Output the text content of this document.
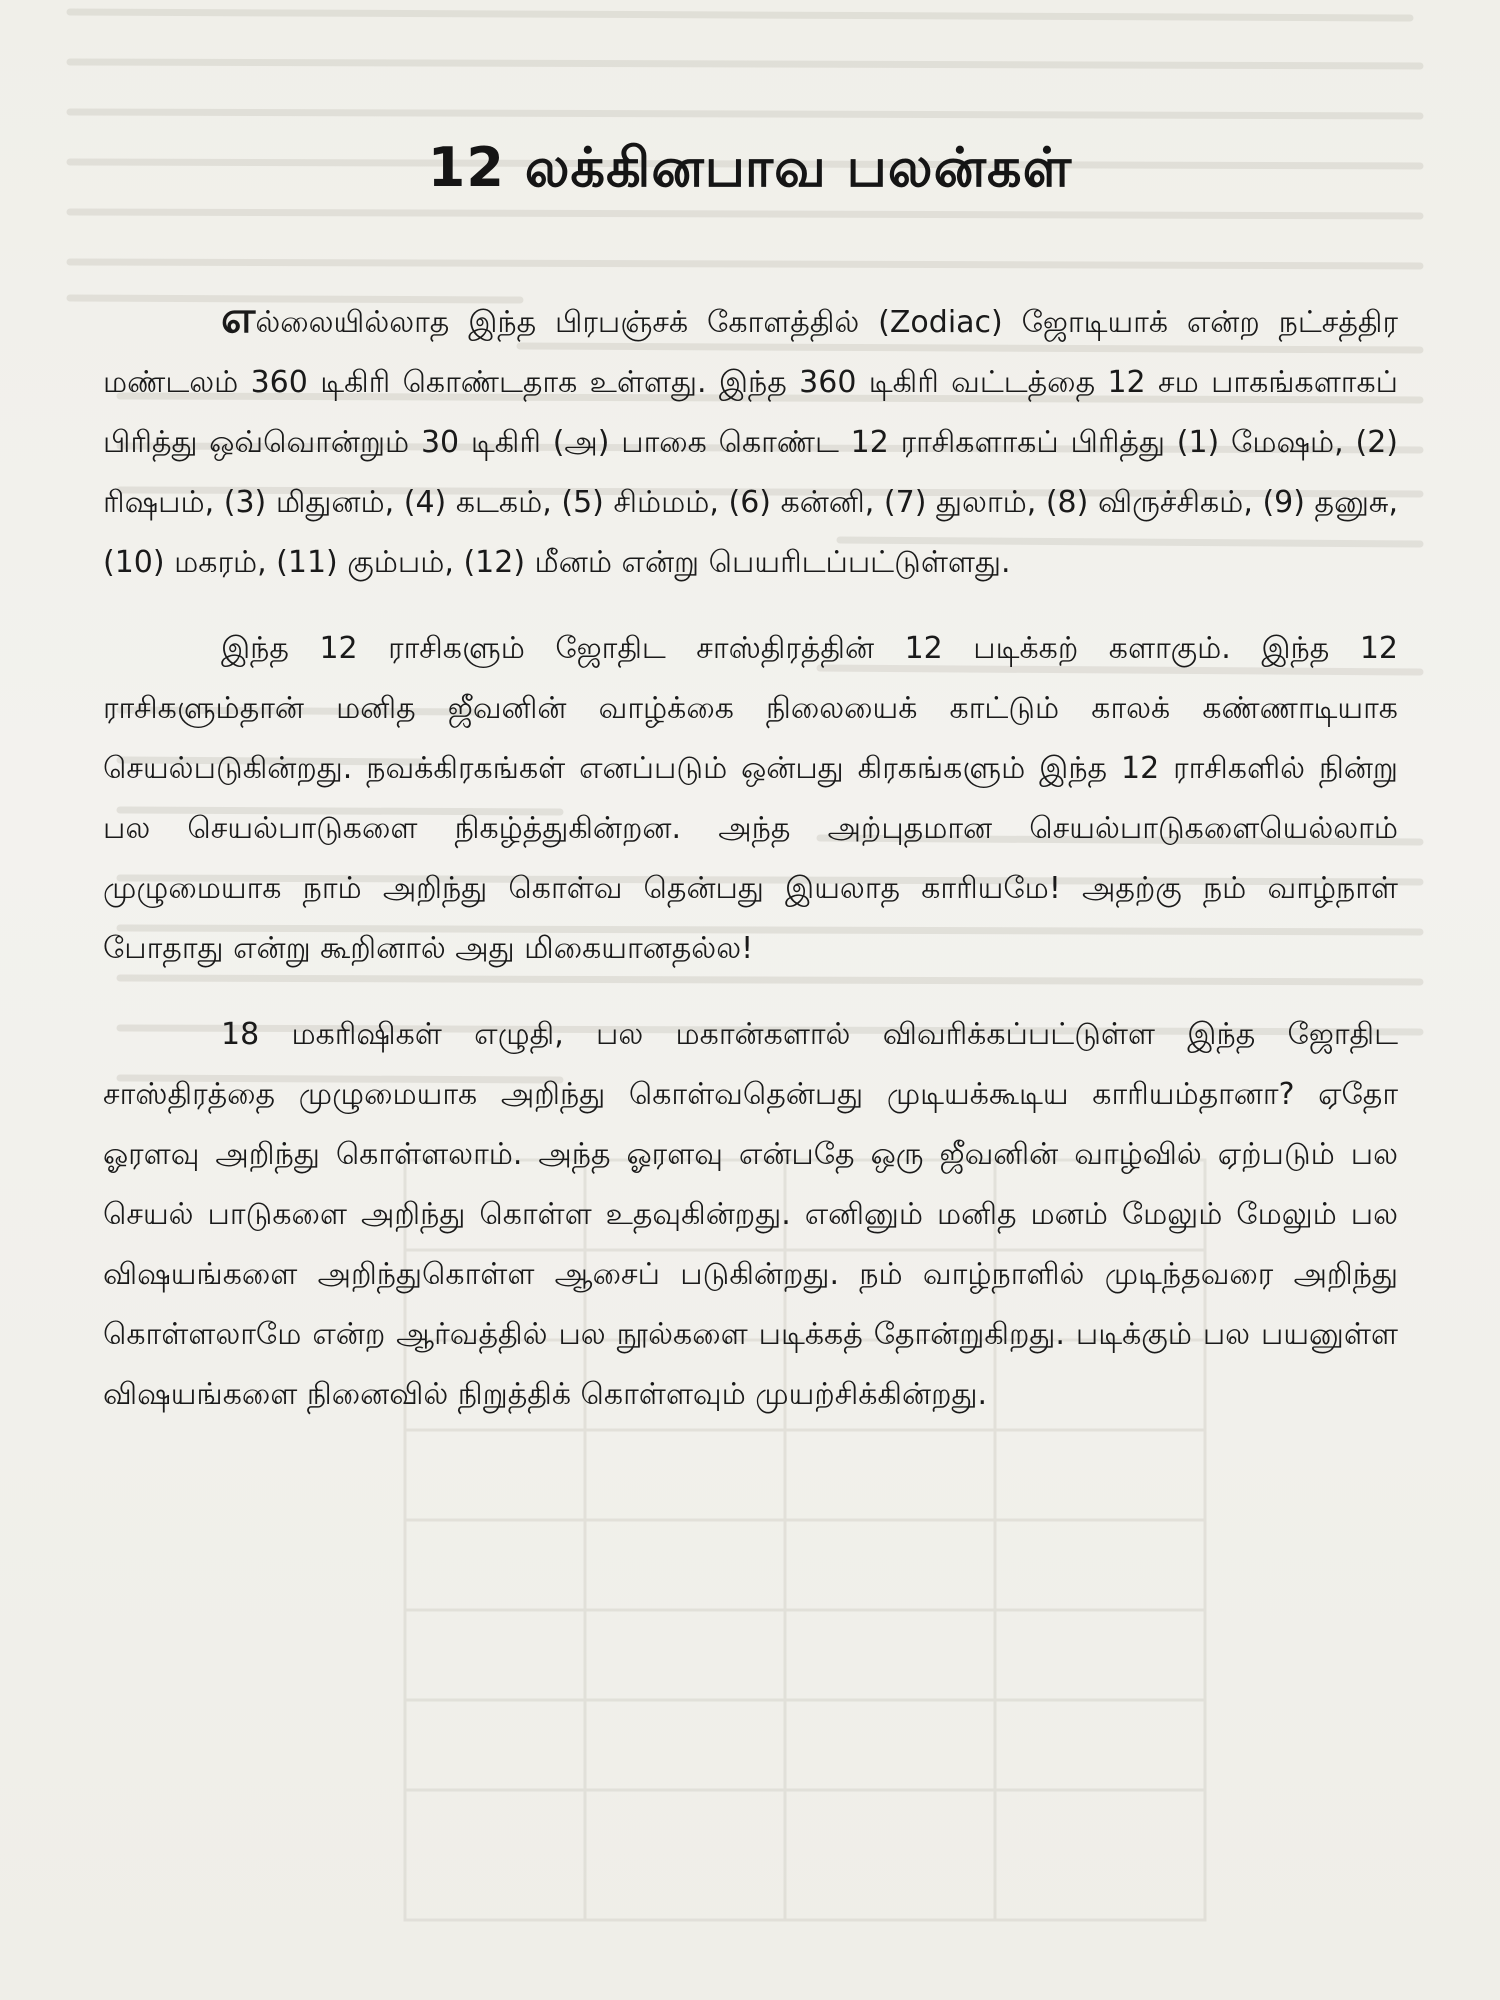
12 லக்கினபாவ பலன்கள்

எல்லையில்லாத இந்த பிரபஞ்சக் கோளத்தில் (Zodiac) ஜோடியாக் என்ற நட்சத்திர மண்டலம் 360 டிகிரி கொண்டதாக உள்ளது. இந்த 360 டிகிரி வட்டத்தை 12 சம பாகங்களாகப் பிரித்து ஒவ்வொன்றும் 30 டிகிரி (அ) பாகை கொண்ட 12 ராசிகளாகப் பிரித்து (1) மேஷம், (2) ரிஷபம், (3) மிதுனம், (4) கடகம், (5) சிம்மம், (6) கன்னி, (7) துலாம், (8) விருச்சிகம், (9) தனுசு, (10) மகரம், (11) கும்பம், (12) மீனம் என்று பெயரிடப்பட்டுள்ளது.

இந்த 12 ராசிகளும் ஜோதிட சாஸ்திரத்தின் 12 படிக்கற் களாகும். இந்த 12 ராசிகளும்தான் மனித ஜீவனின் வாழ்க்கை நிலையைக் காட்டும் காலக் கண்ணாடியாக செயல்படுகின்றது. நவக்கிரகங்கள் எனப்படும் ஒன்பது கிரகங்களும் இந்த 12 ராசிகளில் நின்று பல செயல்பாடுகளை நிகழ்த்துகின்றன. அந்த அற்புதமான செயல்பாடுகளையெல்லாம் முழுமையாக நாம் அறிந்து கொள்வ தென்பது இயலாத காரியமே! அதற்கு நம் வாழ்நாள் போதாது என்று கூறினால் அது மிகையானதல்ல!

18 மகரிஷிகள் எழுதி, பல மகான்களால் விவரிக்கப்பட்டுள்ள இந்த ஜோதிட சாஸ்திரத்தை முழுமையாக அறிந்து கொள்வதென்பது முடியக்கூடிய காரியம்தானா? ஏதோ ஓரளவு அறிந்து கொள்ளலாம். அந்த ஓரளவு என்பதே ஒரு ஜீவனின் வாழ்வில் ஏற்படும் பல செயல் பாடுகளை அறிந்து கொள்ள உதவுகின்றது. எனினும் மனித மனம் மேலும் மேலும் பல விஷயங்களை அறிந்துகொள்ள ஆசைப் படுகின்றது. நம் வாழ்நாளில் முடிந்தவரை அறிந்து கொள்ளலாமே என்ற ஆர்வத்தில் பல நூல்களை படிக்கத் தோன்றுகிறது. படிக்கும் பல பயனுள்ள விஷயங்களை நினைவில் நிறுத்திக் கொள்ளவும் முயற்சிக்கின்றது.
